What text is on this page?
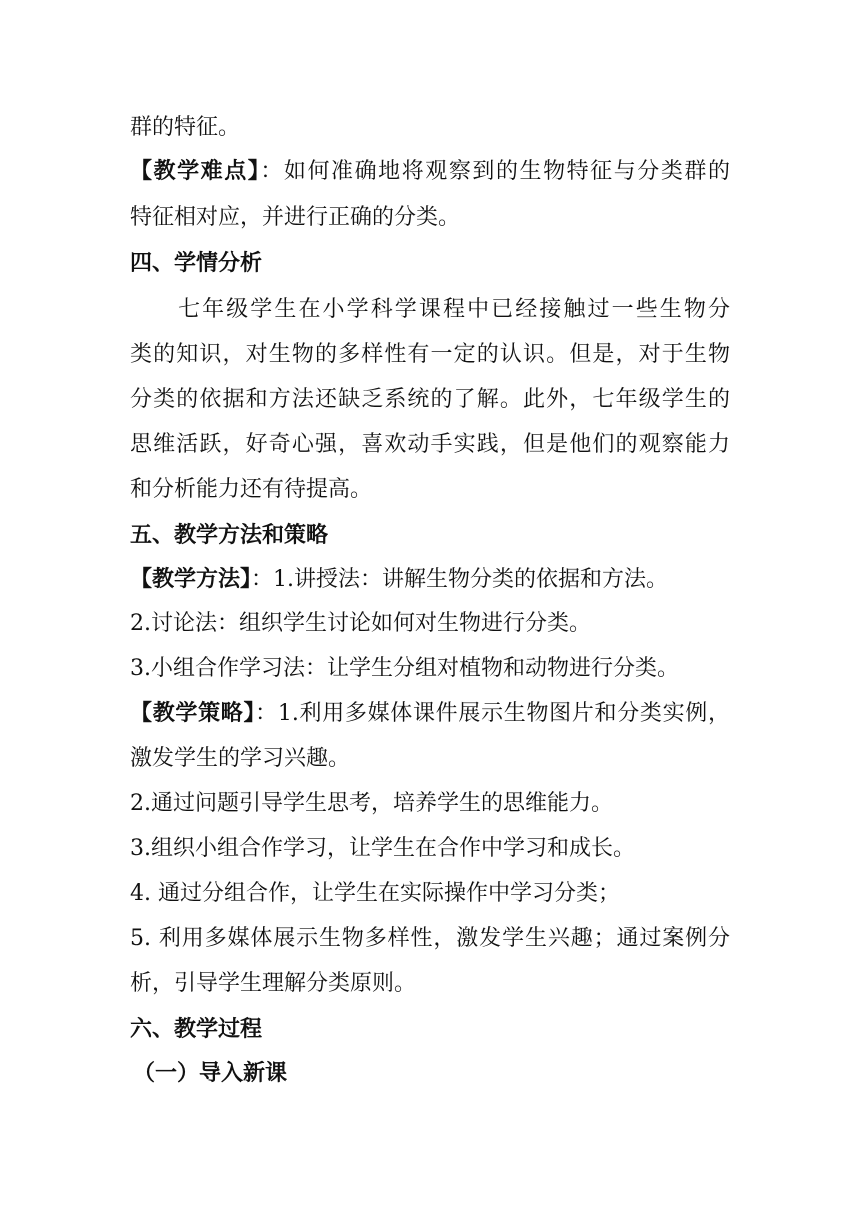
群的特征。
【教学难点】：如何准确地将观察到的生物特征与分类群的
特征相对应，并进行正确的分类。
四、学情分析
七年级学生在小学科学课程中已经接触过一些生物分
类的知识，对生物的多样性有一定的认识。但是，对于生物
分类的依据和方法还缺乏系统的了解。此外，七年级学生的
思维活跃，好奇心强，喜欢动手实践，但是他们的观察能力
和分析能力还有待提高。
五、教学方法和策略
【教学方法】：1.讲授法：讲解生物分类的依据和方法。
2.讨论法：组织学生讨论如何对生物进行分类。
3.小组合作学习法：让学生分组对植物和动物进行分类。
【教学策略】：1.利用多媒体课件展示生物图片和分类实例，
激发学生的学习兴趣。
2.通过问题引导学生思考，培养学生的思维能力。
3.组织小组合作学习，让学生在合作中学习和成长。
4. 通过分组合作，让学生在实际操作中学习分类；
5. 利用多媒体展示生物多样性，激发学生兴趣；通过案例分
析，引导学生理解分类原则。
六、教学过程
（一）导入新课
